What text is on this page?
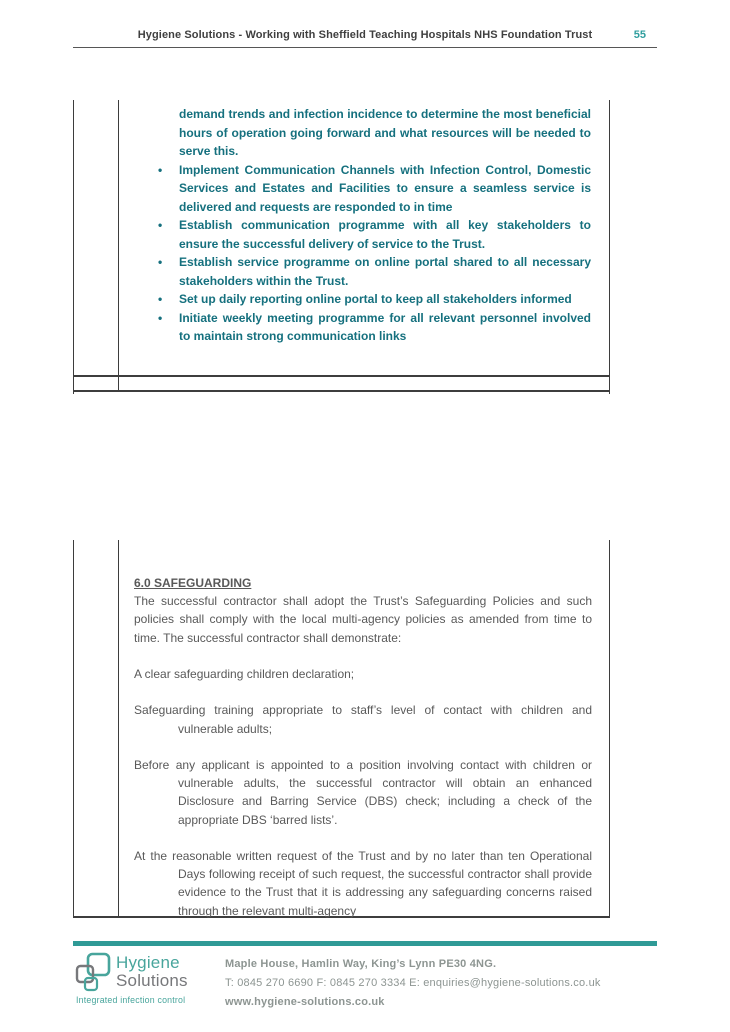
Hygiene Solutions - Working with Sheffield Teaching Hospitals NHS Foundation Trust	55
demand trends and infection incidence to determine the most beneficial hours of operation going forward and what resources will be needed to serve this.
• Implement Communication Channels with Infection Control, Domestic Services and Estates and Facilities to ensure a seamless service is delivered and requests are responded to in time
• Establish communication programme with all key stakeholders to ensure the successful delivery of service to the Trust.
• Establish service programme on online portal shared to all necessary stakeholders within the Trust.
• Set up daily reporting online portal to keep all stakeholders informed
• Initiate weekly meeting programme for all relevant personnel involved to maintain strong communication links
6.0 SAFEGUARDING

The successful contractor shall adopt the Trust’s Safeguarding Policies and such policies shall comply with the local multi-agency policies as amended from time to time. The successful contractor shall demonstrate:

A clear safeguarding children declaration;

Safeguarding training appropriate to staff’s level of contact with children and vulnerable adults;

Before any applicant is appointed to a position involving contact with children or vulnerable adults, the successful contractor will obtain an enhanced Disclosure and Barring Service (DBS) check; including a check of the appropriate DBS ‘barred lists’.

At the reasonable written request of the Trust and by no later than ten Operational Days following receipt of such request, the successful contractor shall provide evidence to the Trust that it is addressing any safeguarding concerns raised through the relevant multi-agency

Hygiene
Solutions
Integrated infection control
Maple House, Hamlin Way, King’s Lynn PE30 4NG.
T: 0845 270 6690 F: 0845 270 3334 E: enquiries@hygiene-solutions.co.uk
www.hygiene-solutions.co.uk
